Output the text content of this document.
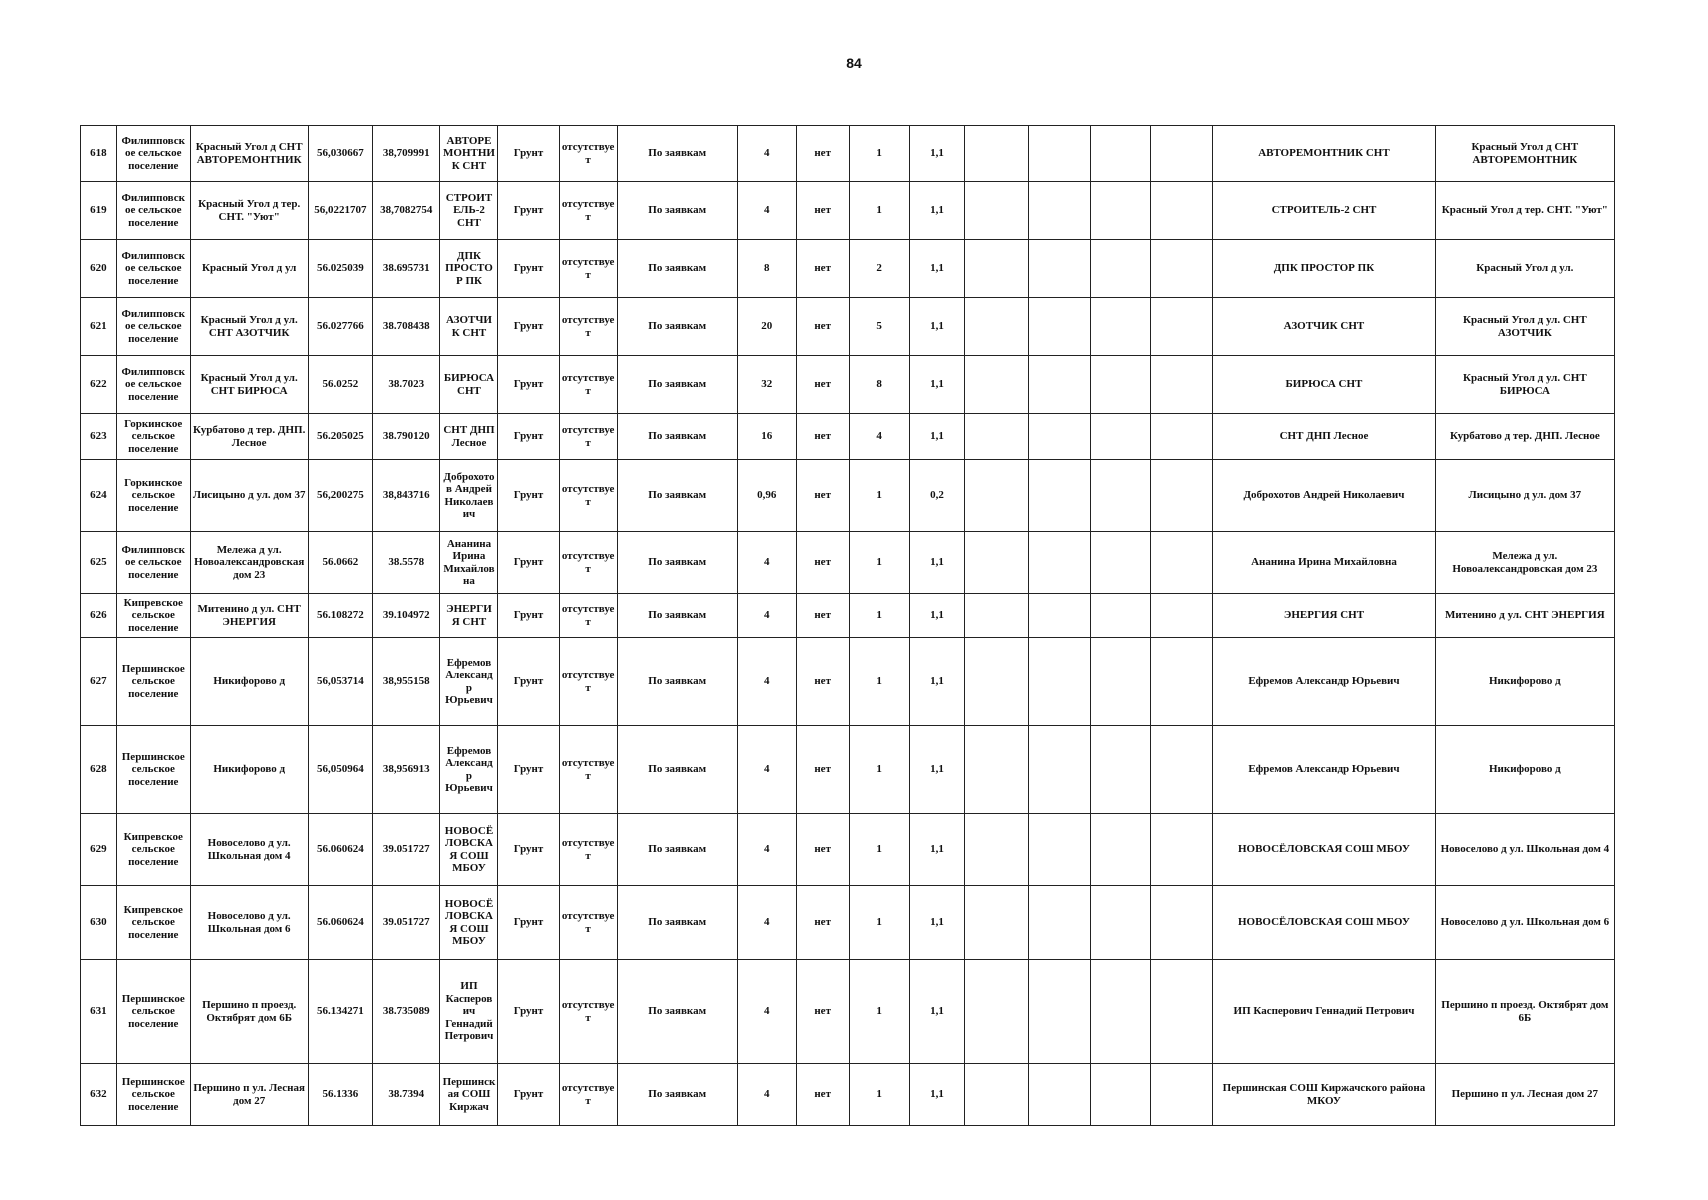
84
618	Филипповское сельское поселение	Красный Угол д СНТ АВТОРЕМОНТНИК	56,030667	38,709991	АВТОРЕМОНТНИК СНТ	Грунт	отсутствует	По заявкам	4	нет	1	1,1					АВТОРЕМОНТНИК СНТ	Красный Угол д СНТ АВТОРЕМОНТНИК
619	Филипповское сельское поселение	Красный Угол д тер. СНТ. "Уют"	56,0221707	38,7082754	СТРОИТЕЛЬ-2 СНТ	Грунт	отсутствует	По заявкам	4	нет	1	1,1					СТРОИТЕЛЬ-2 СНТ	Красный Угол д тер. СНТ. "Уют"
620	Филипповское сельское поселение	Красный Угол д ул	56.025039	38.695731	ДПК ПРОСТОР ПК	Грунт	отсутствует	По заявкам	8	нет	2	1,1					ДПК ПРОСТОР ПК	Красный Угол д ул.
621	Филипповское сельское поселение	Красный Угол д ул. СНТ АЗОТЧИК	56.027766	38.708438	АЗОТЧИК СНТ	Грунт	отсутствует	По заявкам	20	нет	5	1,1					АЗОТЧИК СНТ	Красный Угол д ул. СНТ АЗОТЧИК
622	Филипповское сельское поселение	Красный Угол д ул. СНТ БИРЮСА	56.0252	38.7023	БИРЮСА СНТ	Грунт	отсутствует	По заявкам	32	нет	8	1,1					БИРЮСА СНТ	Красный Угол д ул. СНТ БИРЮСА
623	Горкинское сельское поселение	Курбатово д тер. ДНП. Лесное	56.205025	38.790120	СНТ ДНП Лесное	Грунт	отсутствует	По заявкам	16	нет	4	1,1					СНТ ДНП Лесное	Курбатово д тер. ДНП. Лесное
624	Горкинское сельское поселение	Лисицыно д ул. дом 37	56,200275	38,843716	Доброхотов Андрей Николаевич	Грунт	отсутствует	По заявкам	0,96	нет	1	0,2					Доброхотов Андрей Николаевич	Лисицыно д ул. дом 37
625	Филипповское сельское поселение	Мележа д ул. Новоалександровская дом 23	56.0662	38.5578	Ананина Ирина Михайловна	Грунт	отсутствует	По заявкам	4	нет	1	1,1					Ананина Ирина Михайловна	Мележа д ул. Новоалександровская дом 23
626	Кипревское сельское поселение	Митенино д ул. СНТ ЭНЕРГИЯ	56.108272	39.104972	ЭНЕРГИЯ СНТ	Грунт	отсутствует	По заявкам	4	нет	1	1,1					ЭНЕРГИЯ СНТ	Митенино д ул. СНТ ЭНЕРГИЯ
627	Першинское сельское поселение	Никифорово д	56,053714	38,955158	Ефремов Александр Юрьевич	Грунт	отсутствует	По заявкам	4	нет	1	1,1					Ефремов Александр Юрьевич	Никифорово д
628	Першинское сельское поселение	Никифорово д	56,050964	38,956913	Ефремов Александр Юрьевич	Грунт	отсутствует	По заявкам	4	нет	1	1,1					Ефремов Александр Юрьевич	Никифорово д
629	Кипревское сельское поселение	Новоселово д ул. Школьная дом 4	56.060624	39.051727	НОВОСЁЛОВСКАЯ СОШ МБОУ	Грунт	отсутствует	По заявкам	4	нет	1	1,1					НОВОСЁЛОВСКАЯ СОШ МБОУ	Новоселово д ул. Школьная дом 4
630	Кипревское сельское поселение	Новоселово д ул. Школьная дом 6	56.060624	39.051727	НОВОСЁЛОВСКАЯ СОШ МБОУ	Грунт	отсутствует	По заявкам	4	нет	1	1,1					НОВОСЁЛОВСКАЯ СОШ МБОУ	Новоселово д ул. Школьная дом 6
631	Першинское сельское поселение	Першино п проезд. Октябрят дом 6Б	56.134271	38.735089	ИП Касперович Геннадий Петрович	Грунт	отсутствует	По заявкам	4	нет	1	1,1					ИП Касперович Геннадий Петрович	Першино п проезд. Октябрят дом 6Б
632	Першинское сельское поселение	Першино п ул. Лесная дом 27	56.1336	38.7394	Першинская СОШ Киржач	Грунт	отсутствует	По заявкам	4	нет	1	1,1					Першинская СОШ Киржачского района МКОУ	Першино п ул. Лесная дом 27
